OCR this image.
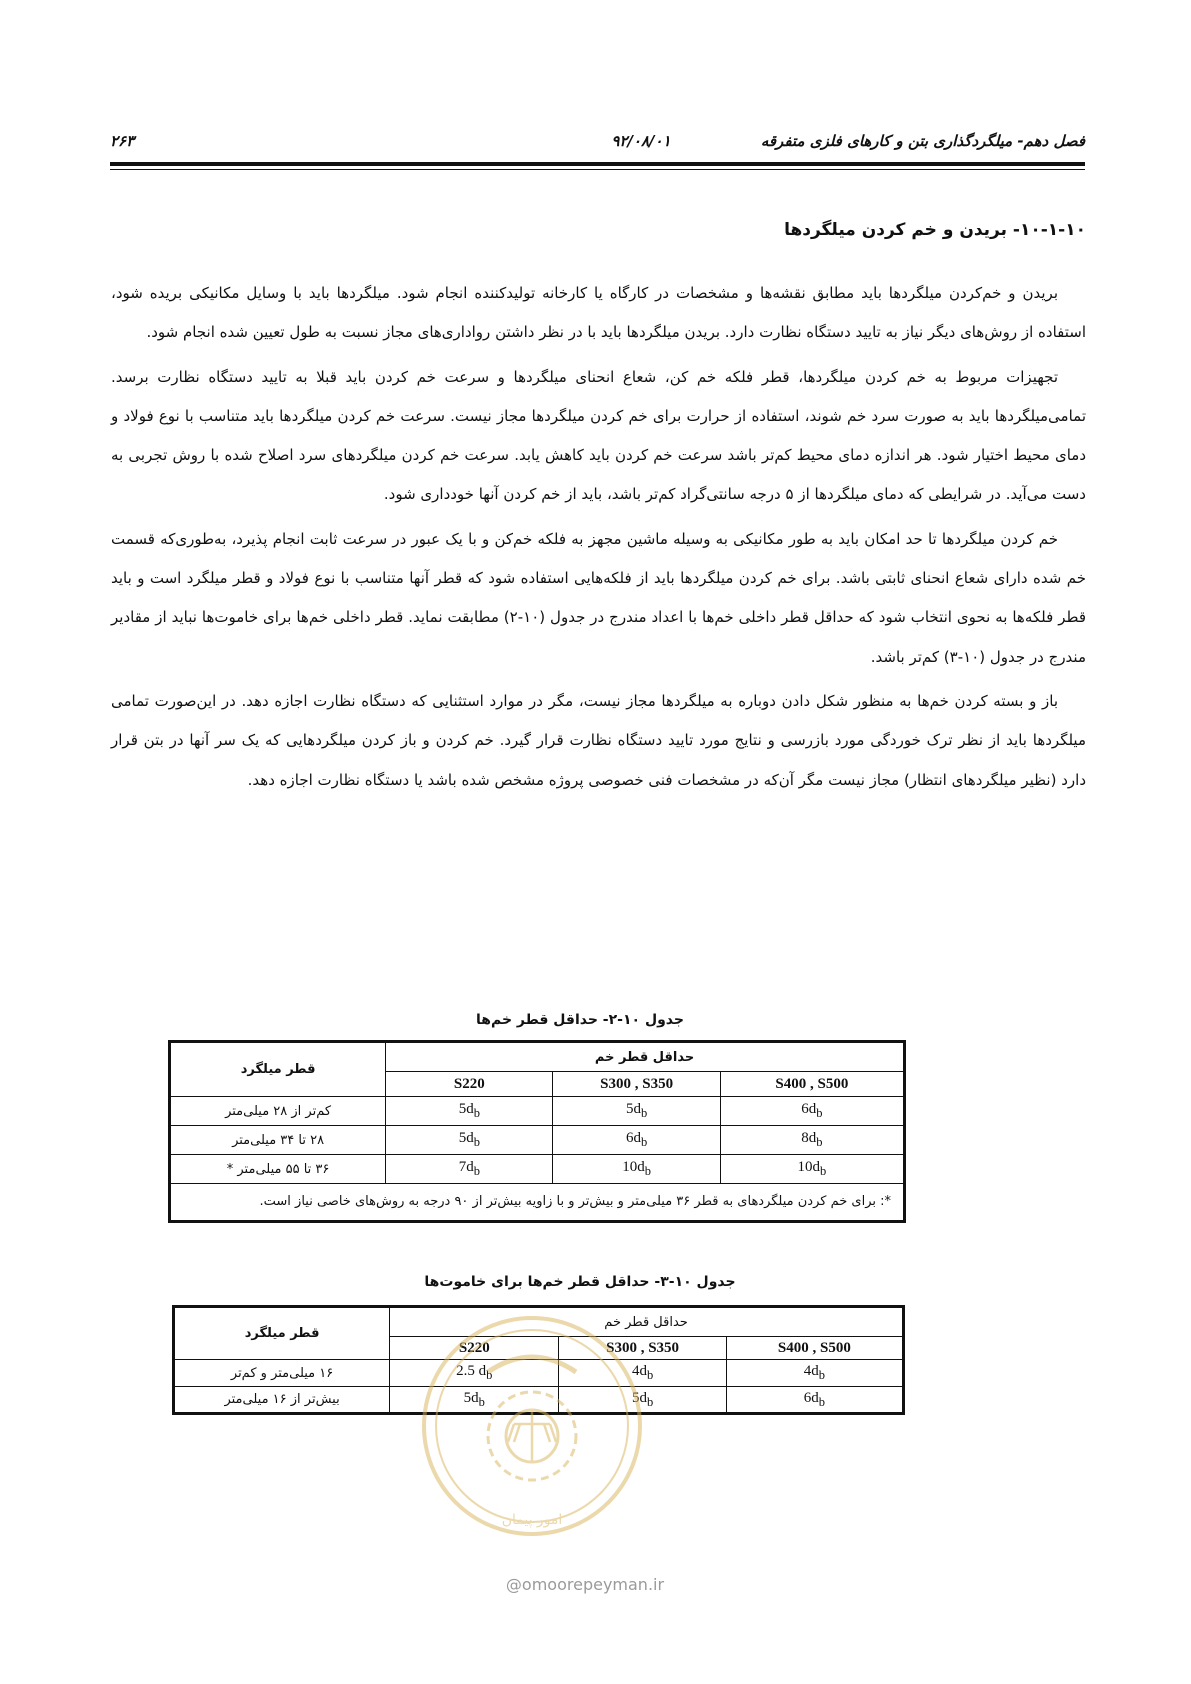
فصل دهم- میلگردگذاری بتن و کارهای فلزی متفرقه
۹۲/۰۸/۰۱
۲۶۳
۱۰-۱-۱۰- بریدن و خم کردن میلگردها

بریدن و خم‌کردن میلگردها باید مطابق نقشه‌ها و مشخصات در کارگاه یا کارخانه تولیدکننده انجام شود. میلگردها باید با وسایل مکانیکی بریده شود، استفاده از روش‌های دیگر نیاز به تایید دستگاه نظارت دارد. بریدن میلگردها باید با در نظر داشتن رواداری‌های مجاز نسبت به طول تعیین شده انجام شود.

تجهیزات مربوط به خم کردن میلگردها، قطر فلکه خم کن، شعاع انحنای میلگردها و سرعت خم کردن باید قبلا به تایید دستگاه نظارت برسد. تمامی‌میلگردها باید به صورت سرد خم شوند، استفاده از حرارت برای خم کردن میلگردها مجاز نیست. سرعت خم کردن میلگردها باید متناسب با نوع فولاد و دمای محیط اختیار شود. هر اندازه دمای محیط کم‌تر باشد سرعت خم کردن باید کاهش یابد. سرعت خم کردن میلگردهای سرد اصلاح شده با روش تجربی به دست می‌آید. در شرایطی که دمای میلگردها از ۵ درجه سانتی‌گراد کم‌تر باشد، باید از خم کردن آنها خودداری شود.

خم کردن میلگردها تا حد امکان باید به طور مکانیکی به وسیله ماشین مجهز به فلکه خم‌کن و با یک عبور در سرعت ثابت انجام پذیرد، به‌طوری‌که قسمت خم شده دارای شعاع انحنای ثابتی باشد. برای خم کردن میلگردها باید از فلکه‌هایی استفاده شود که قطر آنها متناسب با نوع فولاد و قطر میلگرد است و باید قطر فلکه‌ها به نحوی انتخاب شود که حداقل قطر داخلی خم‌ها با اعداد مندرج در جدول (۱۰-۲) مطابقت نماید. قطر داخلی خم‌ها برای خاموت‌ها نباید از مقادیر مندرج در جدول (۱۰-۳) کم‌تر باشد.

باز و بسته کردن خم‌ها به منظور شکل دادن دوباره به میلگردها مجاز نیست، مگر در موارد استثنایی که دستگاه نظارت اجازه دهد. در این‌صورت تمامی میلگردها باید از نظر ترک خوردگی مورد بازرسی و نتایج مورد تایید دستگاه نظارت قرار گیرد. خم کردن و باز کردن میلگردهایی که یک سر آنها در بتن قرار دارد (نظیر میلگردهای انتظار) مجاز نیست مگر آن‌که در مشخصات فنی خصوصی پروژه مشخص شده باشد یا دستگاه نظارت اجازه دهد.

جدول ۱۰-۲- حداقل قطر خم‌ها
حداقل قطر خم			قطر میلگرد
S400 , S500	S300 , S350	S220	
$6d_b$	$5d_b$	$5d_b$	کم‌تر از ۲۸ میلی‌متر
$8d_b$	$6d_b$	$5d_b$	۲۸ تا ۳۴ میلی‌متر
$10d_b$	$10d_b$	$7d_b$	۳۶ تا ۵۵ میلی‌متر *
*: برای خم کردن میلگردهای به قطر ۳۶ میلی‌متر و بیش‌تر و با زاویه بیش‌تر از ۹۰ درجه به روش‌های خاصی نیاز است.			
جدول ۱۰-۳- حداقل قطر خم‌ها برای خاموت‌ها
حداقل قطر خم			قطر میلگرد
S400 , S500	S300 , S350	S220	
$4d_b$	$4d_b$	2.5 $d_b$	۱۶ میلی‌متر و کم‌تر
$6d_b$	$5d_b$	$5d_b$	بیش‌تر از ۱۶ میلی‌متر
امور پیمان
@omoorepeyman.ir
